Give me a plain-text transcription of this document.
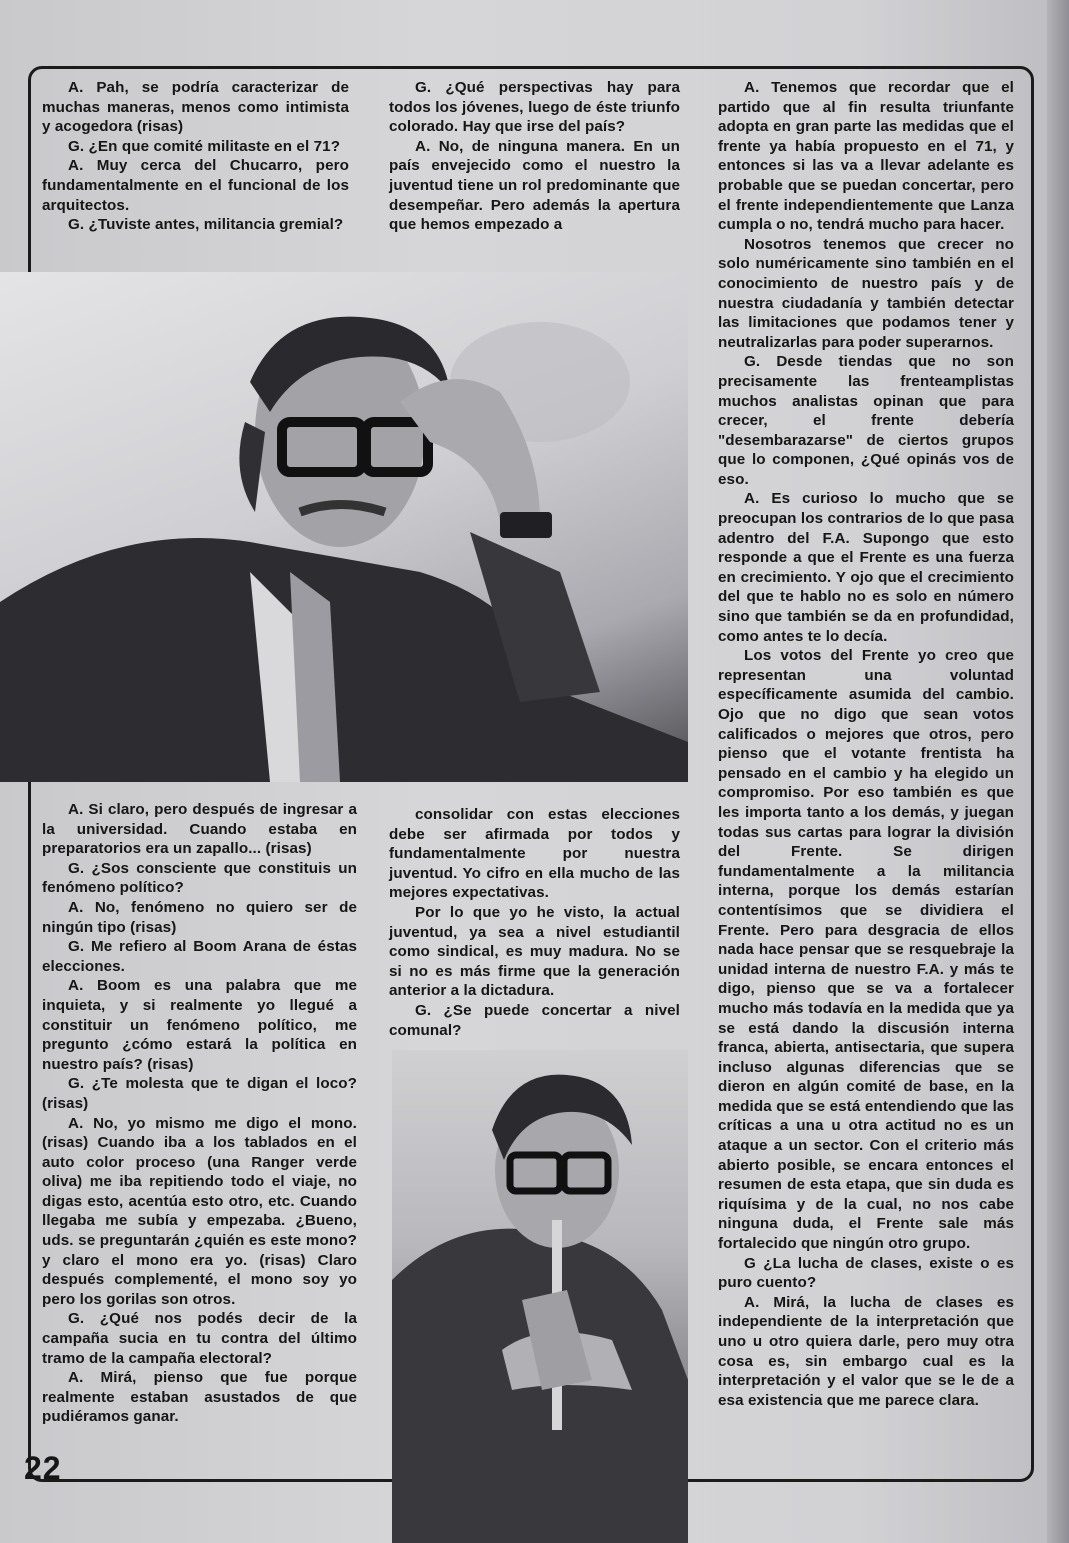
A. Pah, se podría caracterizar de muchas maneras, menos como intimista y acogedora (risas)

G. ¿En que comité militaste en el 71?

A. Muy cerca del Chucarro, pero fundamentalmente en el funcional de los arquitectos.

G. ¿Tuviste antes, militancia gremial?

G. ¿Qué perspectivas hay para todos los jóvenes, luego de éste triunfo colorado. Hay que irse del país?

A. No, de ninguna manera. En un país envejecido como el nuestro la juventud tiene un rol predominante que desempeñar. Pero además la apertura que hemos empezado a

A. Tenemos que recordar que el partido que al fin resulta triunfante adopta en gran parte las medidas que el frente ya había propuesto en el 71, y entonces si las va a llevar adelante es probable que se puedan concertar, pero el frente independientemente que Lanza cumpla o no, tendrá mucho para hacer.

Nosotros tenemos que crecer no solo numéricamente sino también en el conocimiento de nuestro país y de nuestra ciudadanía y también detectar las limitaciones que podamos tener y neutralizarlas para poder superarnos.

G. Desde tiendas que no son precisamente las frenteamplistas muchos analistas opinan que para crecer, el frente debería "desembarazarse" de ciertos grupos que lo componen, ¿Qué opinás vos de eso.

A. Es curioso lo mucho que se preocupan los contrarios de lo que pasa adentro del F.A. Supongo que esto responde a que el Frente es una fuerza en crecimiento. Y ojo que el crecimiento del que te hablo no es solo en número sino que también se da en profundidad, como antes te lo decía.

Los votos del Frente yo creo que representan una voluntad específicamente asumida del cambio. Ojo que no digo que sean votos calificados o mejores que otros, pero pienso que el votante frentista ha pensado en el cambio y ha elegido un compromiso. Por eso también es que les importa tanto a los demás, y juegan todas sus cartas para lograr la división del Frente. Se dirigen fundamentalmente a la militancia interna, porque los demás estarían contentísimos que se dividiera el Frente. Pero para desgracia de ellos nada hace pensar que se resquebraje la unidad interna de nuestro F.A. y más te digo, pienso que se va a fortalecer mucho más todavía en la medida que ya se está dando la discusión interna franca, abierta, antisectaria, que supera incluso algunas diferencias que se dieron en algún comité de base, en la medida que se está entendiendo que las críticas a una u otra actitud no es un ataque a un sector. Con el criterio más abierto posible, se encara entonces el resumen de esta etapa, que sin duda es riquísima y de la cual, no nos cabe ninguna duda, el Frente sale más fortalecido que ningún otro grupo.

G ¿La lucha de clases, existe o es puro cuento?

A. Mirá, la lucha de clases es independiente de la interpretación que uno u otro quiera darle, pero muy otra cosa es, sin embargo cual es la interpretación y el valor que se le de a esa existencia que me parece clara.

A. Si claro, pero después de ingresar a la universidad. Cuando estaba en preparatorios era un zapallo... (risas)

G. ¿Sos consciente que constituis un fenómeno político?

A. No, fenómeno no quiero ser de ningún tipo (risas)

G. Me refiero al Boom Arana de éstas elecciones.

A. Boom es una palabra que me inquieta, y si realmente yo llegué a constituir un fenómeno político, me pregunto ¿cómo estará la política en nuestro país? (risas)

G. ¿Te molesta que te digan el loco? (risas)

A. No, yo mismo me digo el mono. (risas) Cuando iba a los tablados en el auto color proceso (una Ranger verde oliva) me iba repitiendo todo el viaje, no digas esto, acentúa esto otro, etc. Cuando llegaba me subía y empezaba. ¿Bueno, uds. se preguntarán ¿quién es este mono? y claro el mono era yo. (risas) Claro después complementé, el mono soy yo pero los gorilas son otros.

G. ¿Qué nos podés decir de la campaña sucia en tu contra del último tramo de la campaña electoral?

A. Mirá, pienso que fue porque realmente estaban asustados de que pudiéramos ganar.

consolidar con estas elecciones debe ser afirmada por todos y fundamentalmente por nuestra juventud. Yo cifro en ella mucho de las mejores expectativas.

Por lo que yo he visto, la actual juventud, ya sea a nivel estudiantil como sindical, es muy madura. No se si no es más firme que la generación anterior a la dictadura.

G. ¿Se puede concertar a nivel comunal?

22
